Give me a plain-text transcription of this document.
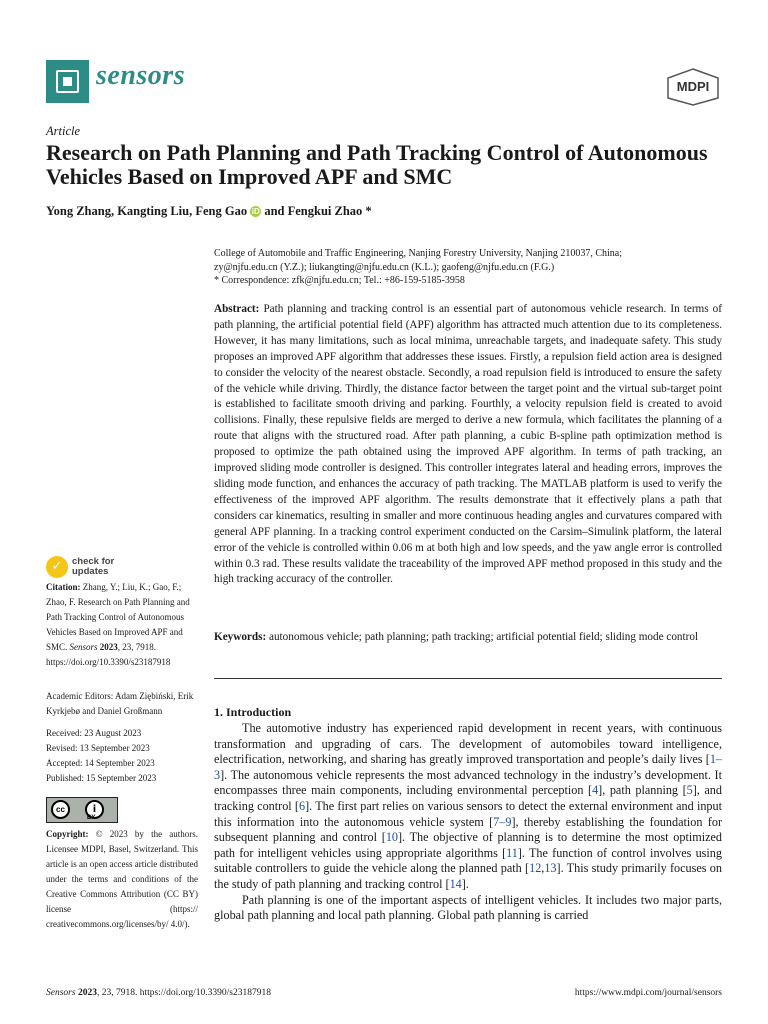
sensors	MDPI
Article
Research on Path Planning and Path Tracking Control of Autonomous Vehicles Based on Improved APF and SMC
Yong Zhang, Kangting Liu, Feng Gao iD and Fengkui Zhao *
College of Automobile and Traffic Engineering, Nanjing Forestry University, Nanjing 210037, China;
zy@njfu.edu.cn (Y.Z.); liukangting@njfu.edu.cn (K.L.); gaofeng@njfu.edu.cn (F.G.)
* Correspondence: zfk@njfu.edu.cn; Tel.: +86-159-5185-3958
Abstract: Path planning and tracking control is an essential part of autonomous vehicle research. In terms of path planning, the artificial potential field (APF) algorithm has attracted much attention due to its completeness. However, it has many limitations, such as local minima, unreachable targets, and inadequate safety. This study proposes an improved APF algorithm that addresses these issues. Firstly, a repulsion field action area is designed to consider the velocity of the nearest obstacle. Secondly, a road repulsion field is introduced to ensure the safety of the vehicle while driving. Thirdly, the distance factor between the target point and the virtual sub-target point is established to facilitate smooth driving and parking. Fourthly, a velocity repulsion field is created to avoid collisions. Finally, these repulsive fields are merged to derive a new formula, which facilitates the planning of a route that aligns with the structured road. After path planning, a cubic B-spline path optimization method is proposed to optimize the path obtained using the improved APF algorithm. In terms of path tracking, an improved sliding mode controller is designed. This controller integrates lateral and heading errors, improves the sliding mode function, and enhances the accuracy of path tracking. The MATLAB platform is used to verify the effectiveness of the improved APF algorithm. The results demonstrate that it effectively plans a path that considers car kinematics, resulting in smaller and more continuous heading angles and curvatures compared with general APF planning. In a tracking control experiment conducted on the Carsim–Simulink platform, the lateral error of the vehicle is controlled within 0.06 m at both high and low speeds, and the yaw angle error is controlled within 0.3 rad. These results validate the traceability of the improved APF method proposed in this study and the high tracking accuracy of the controller.
Keywords: autonomous vehicle; path planning; path tracking; artificial potential field; sliding mode control
✓	check for
updates
Citation: Zhang, Y.; Liu, K.; Gao, F.; Zhao, F. Research on Path Planning and Path Tracking Control of Autonomous Vehicles Based on Improved APF and SMC. Sensors 2023, 23, 7918. https://doi.org/10.3390/s23187918
Academic Editors: Adam Ziębiński, Erik Kyrkjebø and Daniel Großmann
Received: 23 August 2023
Revised: 13 September 2023
Accepted: 14 September 2023
Published: 15 September 2023
cc	i
BY
Copyright: © 2023 by the authors. Licensee MDPI, Basel, Switzerland. This article is an open access article distributed under the terms and conditions of the Creative Commons Attribution (CC BY) license (https:// creativecommons.org/licenses/by/ 4.0/).
1. Introduction

The automotive industry has experienced rapid development in recent years, with continuous transformation and upgrading of cars. The development of automobiles toward intelligence, electrification, networking, and sharing has greatly improved transportation and people’s daily lives [1–3]. The autonomous vehicle represents the most advanced technology in the industry’s development. It encompasses three main components, including environmental perception [4], path planning [5], and tracking control [6]. The first part relies on various sensors to detect the external environment and input this information into the autonomous vehicle system [7–9], thereby establishing the foundation for subsequent planning and control [10]. The objective of planning is to determine the most optimized path for intelligent vehicles using appropriate algorithms [11]. The function of control involves using suitable controllers to guide the vehicle along the planned path [12,13]. This study primarily focuses on the study of path planning and tracking control [14].

Path planning is one of the important aspects of intelligent vehicles. It includes two major parts, global path planning and local path planning. Global path planning is carried

Sensors 2023, 23, 7918. https://doi.org/10.3390/s23187918	https://www.mdpi.com/journal/sensors
